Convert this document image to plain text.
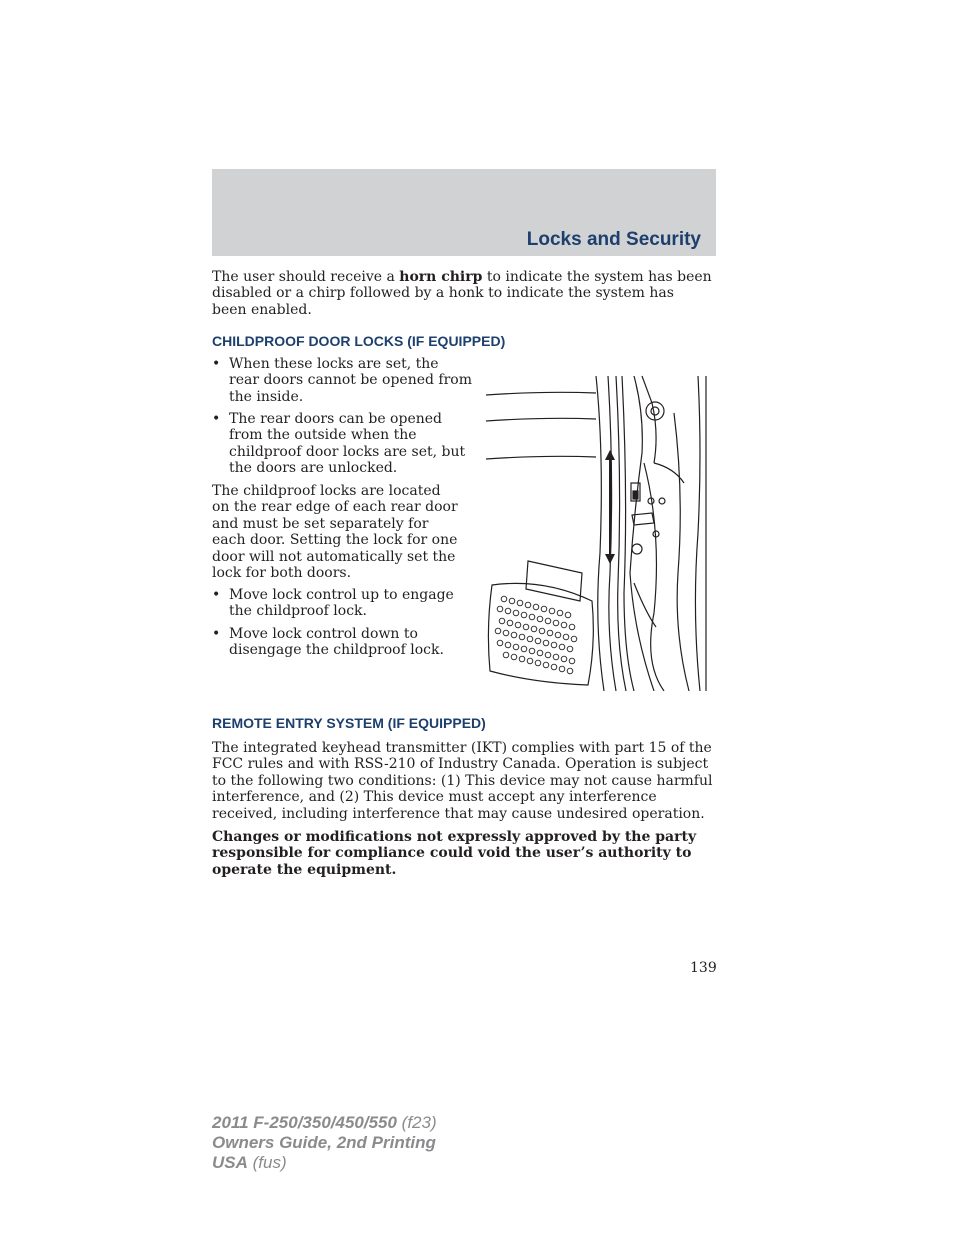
Locks and Security

The user should receive a horn chirp to indicate the system has been disabled or a chirp followed by a honk to indicate the system has been enabled.

CHILDPROOF DOOR LOCKS (IF EQUIPPED)
• When these locks are set, the rear doors cannot be opened from the inside.
• The rear doors can be opened from the outside when the childproof door locks are set, but the doors are unlocked.

The childproof locks are located on the rear edge of each rear door and must be set separately for each door. Setting the lock for one door will not automatically set the lock for both doors.

• Move lock control up to engage the childproof lock.
• Move lock control down to disengage the childproof lock.
REMOTE ENTRY SYSTEM (IF EQUIPPED)

The integrated keyhead transmitter (IKT) complies with part 15 of the FCC rules and with RSS-210 of Industry Canada. Operation is subject to the following two conditions: (1) This device may not cause harmful interference, and (2) This device must accept any interference received, including interference that may cause undesired operation.

Changes or modifications not expressly approved by the party responsible for compliance could void the user’s authority to operate the equipment.

139
2011 F-250/350/450/550 (f23)
Owners Guide, 2nd Printing
USA (fus)
